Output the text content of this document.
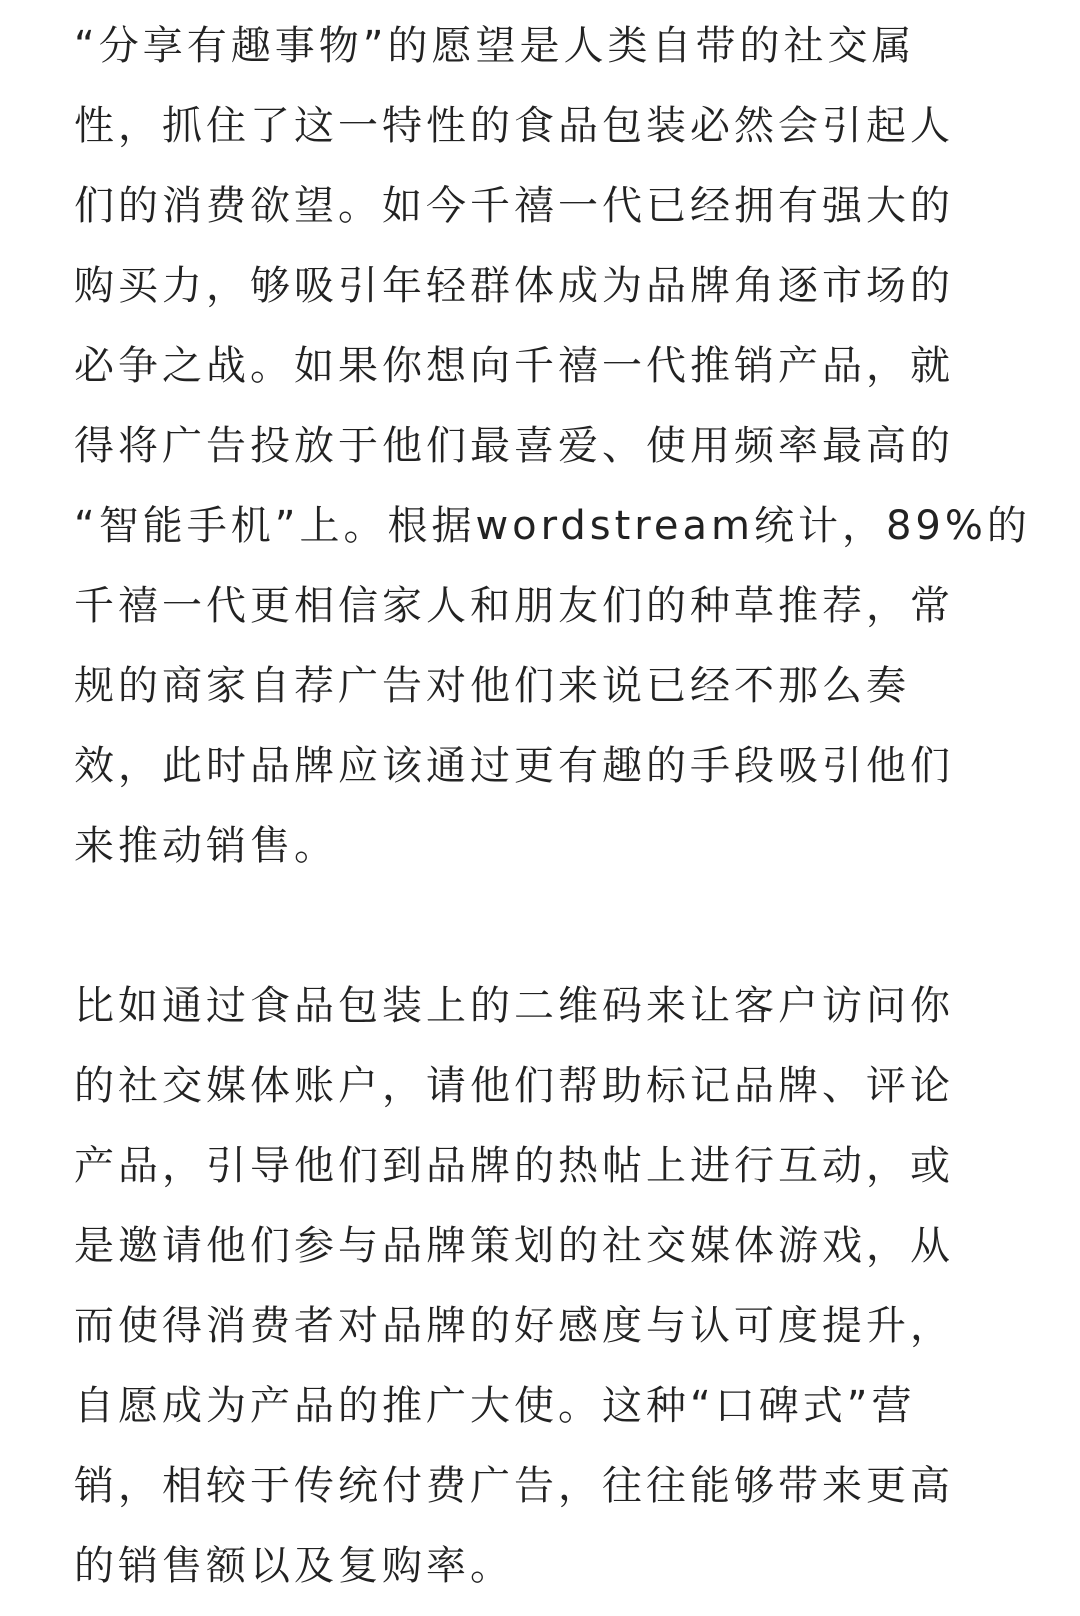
“分享有趣事物”的愿望是人类自带的社交属
性，抓住了这一特性的食品包装必然会引起人
们的消费欲望。如今千禧一代已经拥有强大的
购买力，够吸引年轻群体成为品牌角逐市场的
必争之战。如果你想向千禧一代推销产品，就
得将广告投放于他们最喜爱、使用频率最高的
“智能手机”上。根据wordstream统计，89%的
千禧一代更相信家人和朋友们的种草推荐，常
规的商家自荐广告对他们来说已经不那么奏
效，此时品牌应该通过更有趣的手段吸引他们
来推动销售。
比如通过食品包装上的二维码来让客户访问你
的社交媒体账户，请他们帮助标记品牌、评论
产品，引导他们到品牌的热帖上进行互动，或
是邀请他们参与品牌策划的社交媒体游戏，从
而使得消费者对品牌的好感度与认可度提升，
自愿成为产品的推广大使。这种“口碑式”营
销，相较于传统付费广告，往往能够带来更高
的销售额以及复购率。
